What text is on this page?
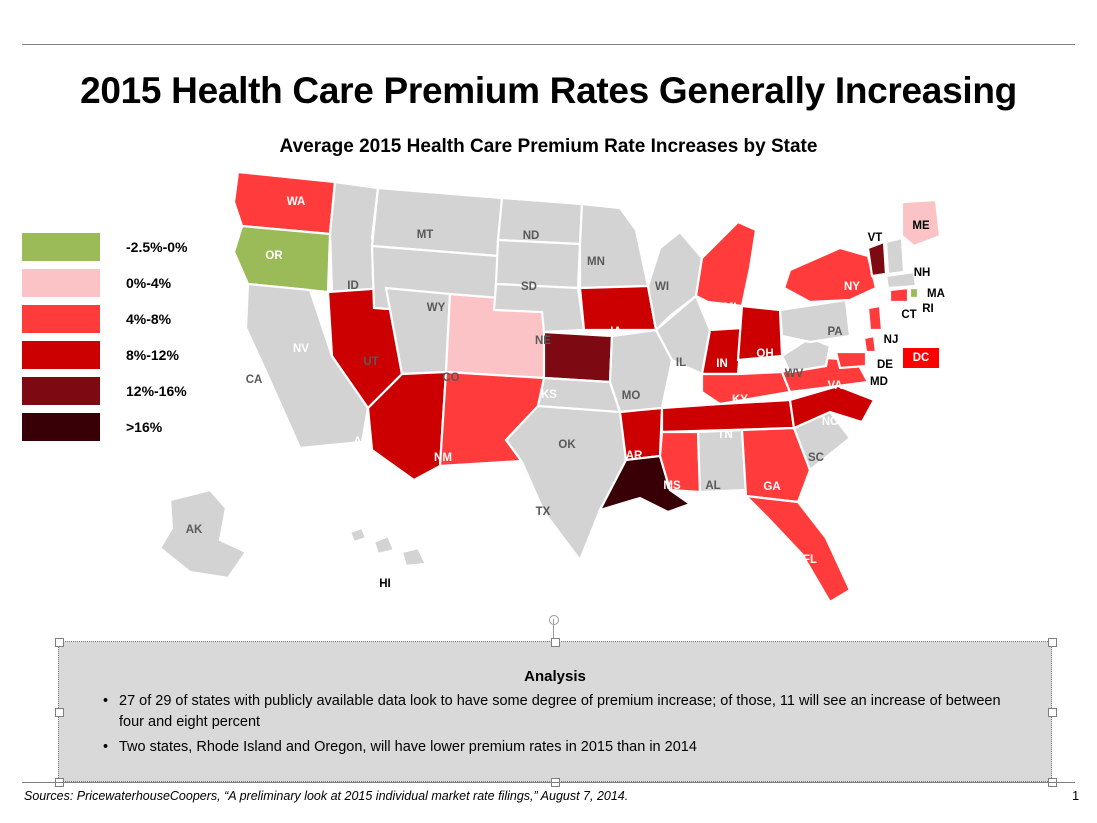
2015 Health Care Premium Rates Generally Increasing
Average 2015 Health Care Premium Rate Increases by State
-2.5%-0%
0%-4%
4%-8%
8%-12%
12%-16%
>16%
WA
OR
CA
ID
NV
MT
WY
UT
CO
AZ
NM
ND
SD
NE
KS
OK
TX
MN
IA
MO
AR
LA
WI
IL
MI
IN
OH
KY
TN
MS AL	GA
FL
SC
NC
VA
WV
PA
NY
VT
NH
ME
MA
RI
CT
NJ
DE
MD
AK
HI
DC
Analysis
• 27 of 29 of states with publicly available data look to have some degree of premium increase; of those, 11 will see an increase of between four and eight percent
• Two states, Rhode Island and Oregon, will have lower premium rates in 2015 than in 2014
Sources: PricewaterhouseCoopers, “A preliminary look at 2015 individual market rate filings,” August 7, 2014.	1
